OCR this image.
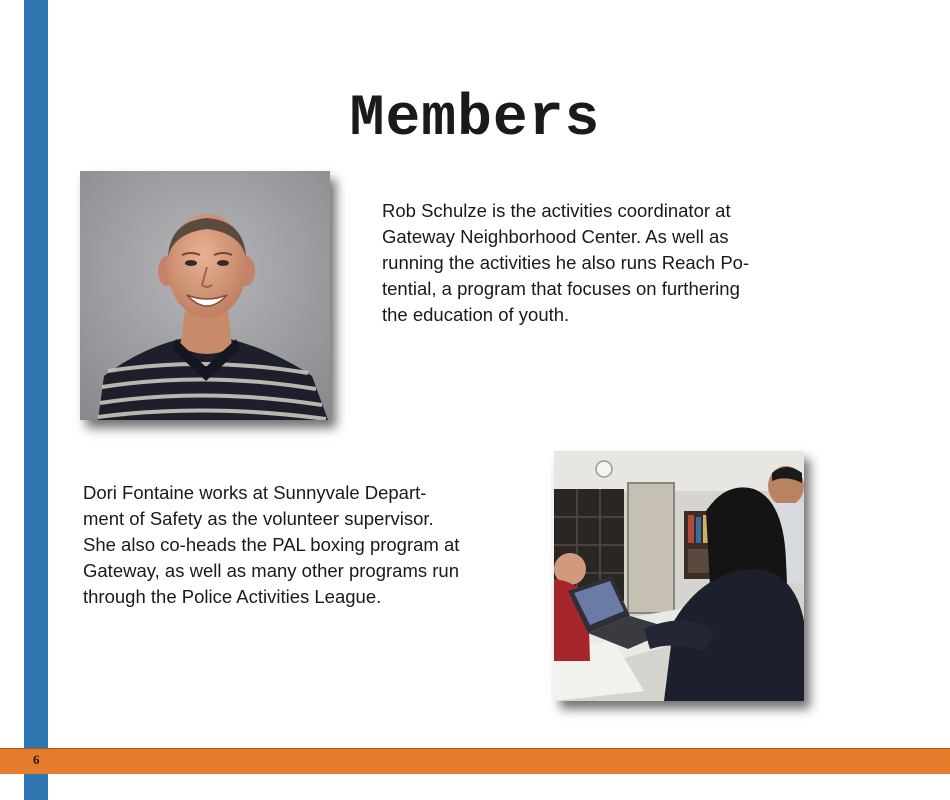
Members

Rob Schulze is the activities coordinator at
Gateway Neighborhood Center. As well as
running the activities he also runs Reach Po-
tential, a program that focuses on furthering
the education of youth.

Dori Fontaine works at Sunnyvale Depart-
ment of Safety as the volunteer supervisor.
She also co-heads the PAL boxing program at
Gateway, as well as many other programs run
through the Police Activities League.

6
